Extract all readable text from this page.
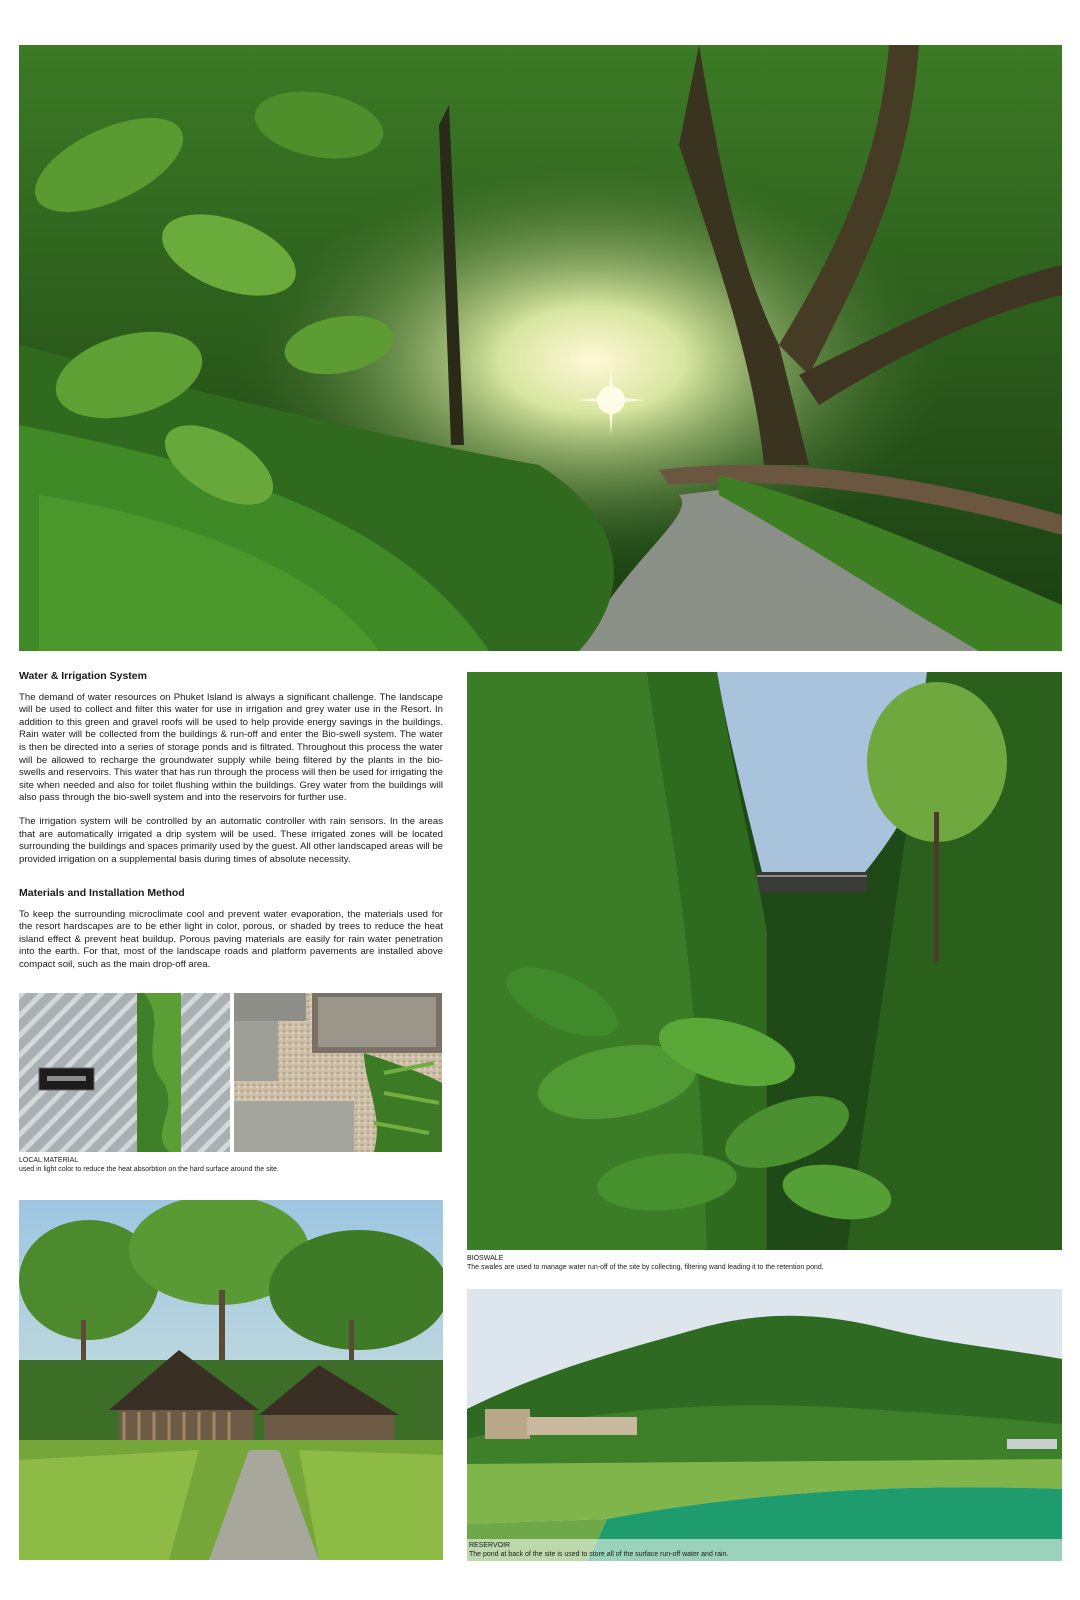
Water & Irrigation System

The demand of water resources on Phuket Island is always a significant challenge. The landscape will be used to collect and filter this water for use in irrigation and grey water use in the Resort. In addition to this green and gravel roofs will be used to help provide energy savings in the buildings. Rain water will be collected from the buildings & run-off and enter the Bio-swell system. The water is then be directed into a series of storage ponds and is filtrated. Throughout this process the water will be allowed to recharge the groundwater supply while being filtered by the plants in the bio-swells and reservoirs. This water that has run through the process will then be used for irrigating the site when needed and also for toilet flushing within the buildings. Grey water from the buildings will also pass through the bio-swell system and into the reservoirs for further use.

The irrigation system will be controlled by an automatic controller with rain sensors. In the areas that are automatically irrigated a drip system will be used. These irrigated zones will be located surrounding the buildings and spaces primarily used by the guest. All other landscaped areas will be provided irrigation on a supplemental basis during times of absolute necessity.

Materials and Installation Method

To keep the surrounding microclimate cool and prevent water evaporation, the materials used for the resort hardscapes are to be ether light in color, porous, or shaded by trees to reduce the heat island effect & prevent heat buildup. Porous paving materials are easily for rain water penetration into the earth. For that, most of the landscape roads and platform pavements are installed above compact soil, such as the main drop-off area.

LOCAL MATERIAL
used in light color to reduce the heat absorbtion on the hard surface around the site.
BIOSWALE
The swales are used to manage water run-off of the site by collecting, filtering wand leading it to the retention pond.
RESERVOIR
The pond at back of the site is used to store all of the surface run-off water and rain.
